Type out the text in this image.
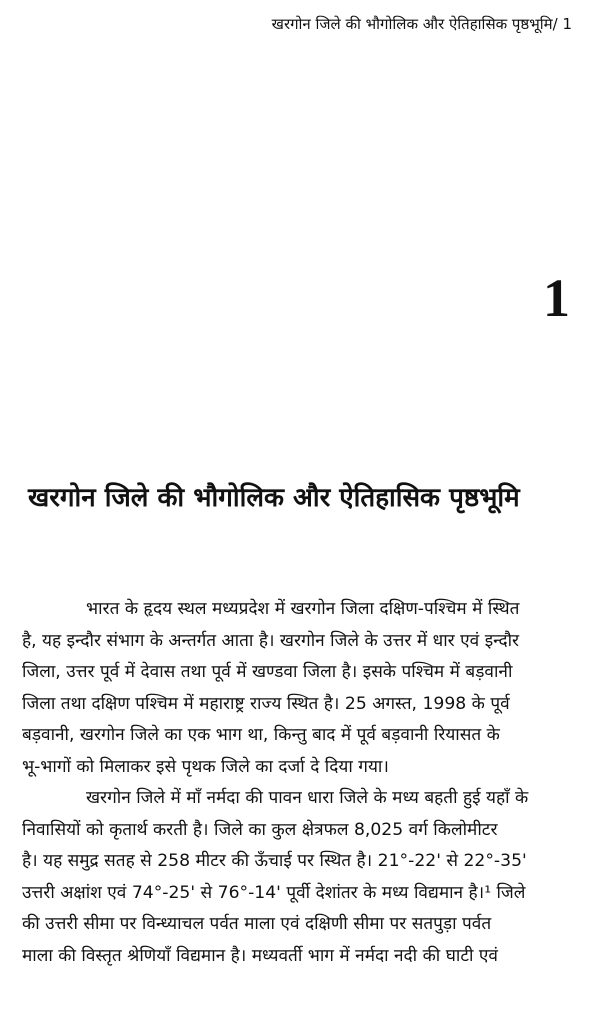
खरगोन जिले की भौगोलिक और ऐतिहासिक पृष्ठभूमि/ 1
1
खरगोन जिले की भौगोलिक और ऐतिहासिक पृष्ठभूमि
भारत के हृदय स्थल मध्यप्रदेश में खरगोन जिला दक्षिण-पश्चिम में स्थित
है, यह इन्दौर संभाग के अन्तर्गत आता है। खरगोन जिले के उत्तर में धार एवं इन्दौर
जिला, उत्तर पूर्व में देवास तथा पूर्व में खण्डवा जिला है। इसके पश्चिम में बड़वानी
जिला तथा दक्षिण पश्चिम में महाराष्ट्र राज्य स्थित है। 25 अगस्त, 1998 के पूर्व
बड़वानी, खरगोन जिले का एक भाग था, किन्तु बाद में पूर्व बड़वानी रियासत के
भू-भागों को मिलाकर इसे पृथक जिले का दर्जा दे दिया गया।
खरगोन जिले में माँ नर्मदा की पावन धारा जिले के मध्य बहती हुई यहाँ के
निवासियों को कृतार्थ करती है। जिले का कुल क्षेत्रफल 8,025 वर्ग किलोमीटर
है। यह समुद्र सतह से 258 मीटर की ऊँचाई पर स्थित है। 21°-22' से 22°-35'
उत्तरी अक्षांश एवं 74°-25' से 76°-14' पूर्वी देशांतर के मध्य विद्यमान है।¹ जिले
की उत्तरी सीमा पर विन्ध्याचल पर्वत माला एवं दक्षिणी सीमा पर सतपुड़ा पर्वत
माला की विस्तृत श्रेणियाँ विद्यमान है। मध्यवर्ती भाग में नर्मदा नदी की घाटी एवं
